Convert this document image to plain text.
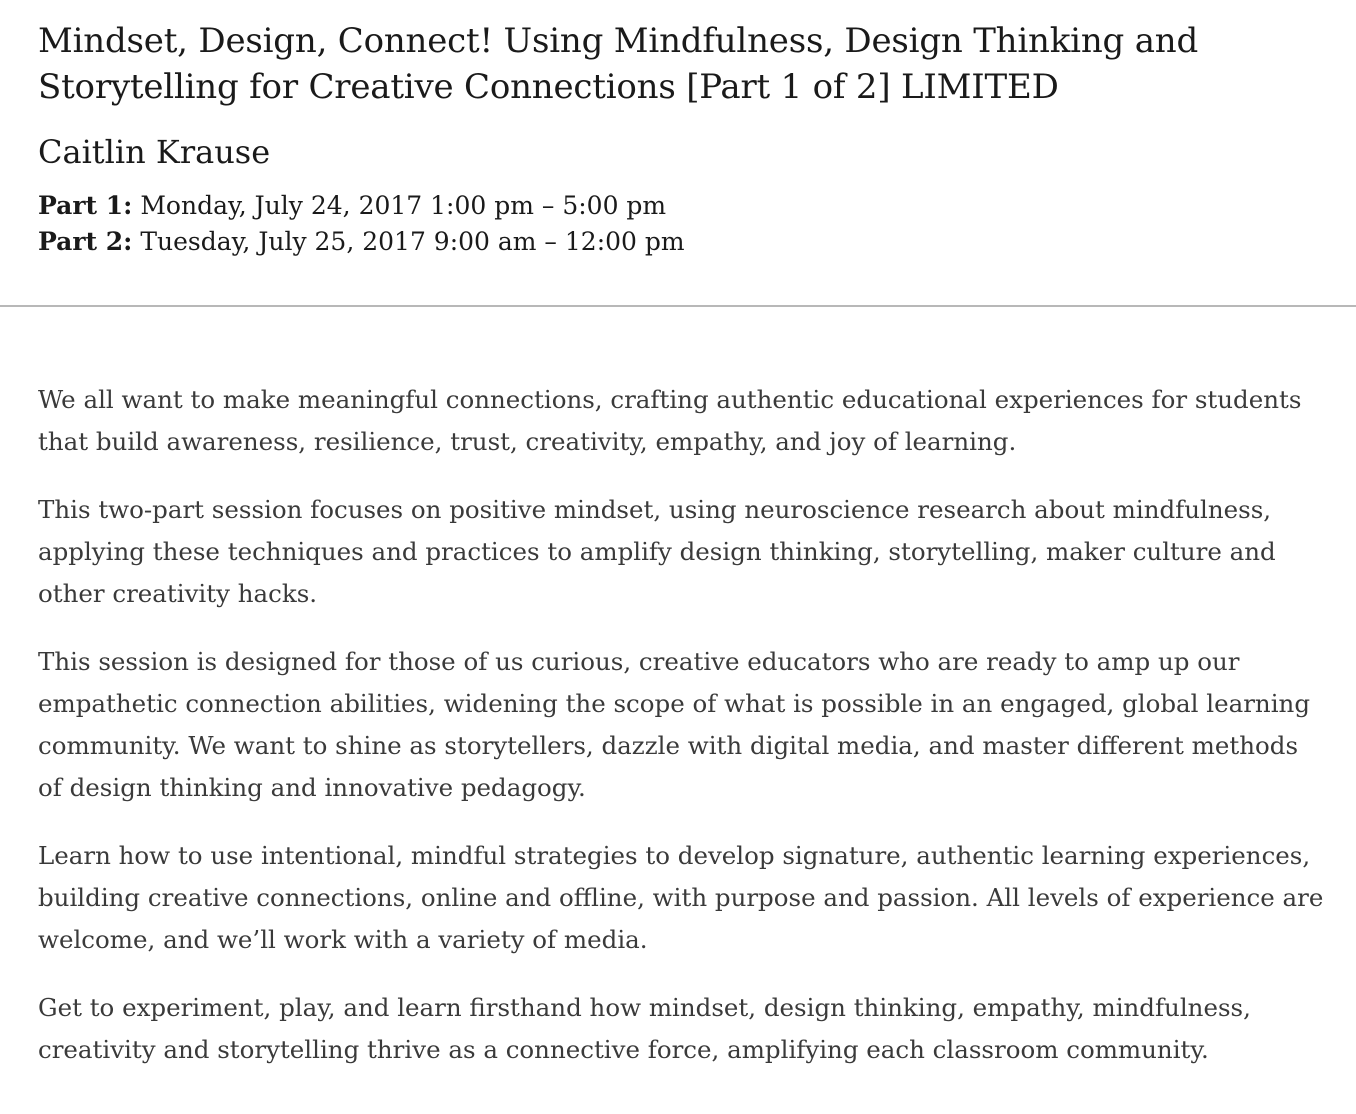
Mindset, Design, Connect! Using Mindfulness, Design Thinking and Storytelling for Creative Connections [Part 1 of 2] LIMITED
Caitlin Krause
Part 1: Monday, July 24, 2017 1:00 pm – 5:00 pm
Part 2: Tuesday, July 25, 2017 9:00 am – 12:00 pm

We all want to make meaningful connections, crafting authentic educational experiences for students that build awareness, resilience, trust, creativity, empathy, and joy of learning.

This two-part session focuses on positive mindset, using neuroscience research about mindfulness, applying these techniques and practices to amplify design thinking, storytelling, maker culture and other creativity hacks.

This session is designed for those of us curious, creative educators who are ready to amp up our empathetic connection abilities, widening the scope of what is possible in an engaged, global learning community. We want to shine as storytellers, dazzle with digital media, and master different methods of design thinking and innovative pedagogy.

Learn how to use intentional, mindful strategies to develop signature, authentic learning experiences, building creative connections, online and offline, with purpose and passion. All levels of experience are welcome, and we’ll work with a variety of media.

Get to experiment, play, and learn firsthand how mindset, design thinking, empathy, mindfulness, creativity and storytelling thrive as a connective force, amplifying each classroom community.
